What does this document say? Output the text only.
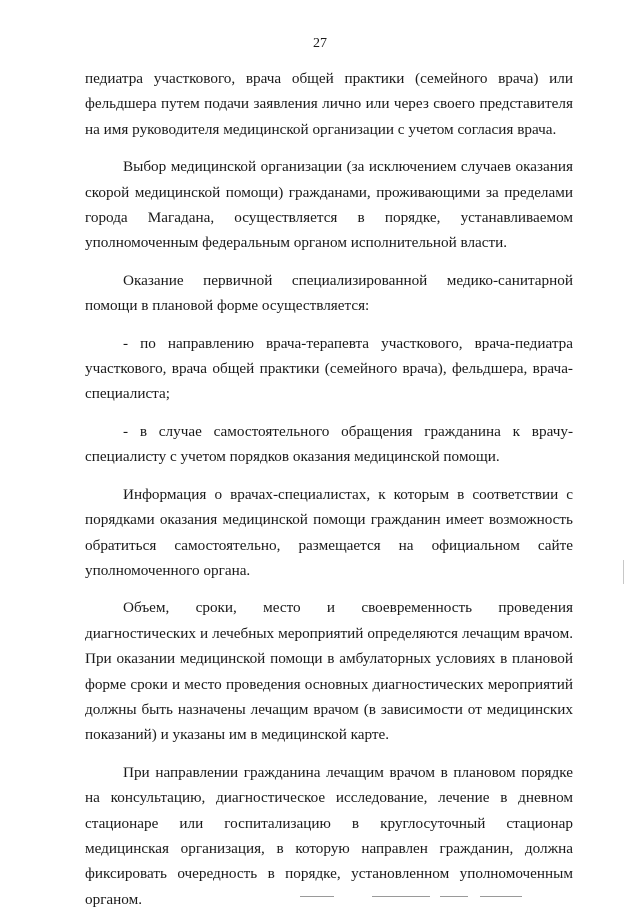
27

педиатра участкового, врача общей практики (семейного врача) или фельдшера путем подачи заявления лично или через своего представителя на имя руководителя медицинской организации с учетом согласия врача.

Выбор медицинской организации (за исключением случаев оказания скорой медицинской помощи) гражданами, проживающими за пределами города Магадана, осуществляется в порядке, устанавливаемом уполномоченным федеральным органом исполнительной власти.

Оказание первичной специализированной медико-санитарной помощи в плановой форме осуществляется:

- по направлению врача-терапевта участкового, врача-педиатра участкового, врача общей практики (семейного врача), фельдшера, врача-специалиста;

- в случае самостоятельного обращения гражданина к врачу-специалисту с учетом порядков оказания медицинской помощи.

Информация о врачах-специалистах, к которым в соответствии с порядками оказания медицинской помощи гражданин имеет возможность обратиться самостоятельно, размещается на официальном сайте уполномоченного органа.

Объем, сроки, место и своевременность проведения диагностических и лечебных мероприятий определяются лечащим врачом. При оказании медицинской помощи в амбулаторных условиях в плановой форме сроки и место проведения основных диагностических мероприятий должны быть назначены лечащим врачом (в зависимости от медицинских показаний) и указаны им в медицинской карте.

При направлении гражданина лечащим врачом в плановом порядке на консультацию, диагностическое исследование, лечение в дневном стационаре или госпитализацию в круглосуточный стационар медицинская организация, в которую направлен гражданин, должна фиксировать очередность в порядке, установленном уполномоченным органом.
